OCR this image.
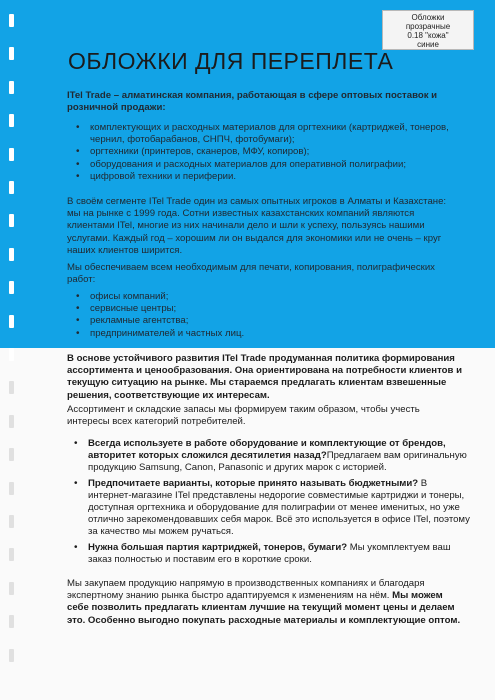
Обложки
прозрачные
0.18 "кожа"
синие
ОБЛОЖКИ ДЛЯ ПЕРЕПЛЕТА

ITel Trade – алматинская компания, работающая в сфере оптовых поставок и розничной продажи:

• комплектующих и расходных материалов для оргтехники (картриджей, тонеров, чернил, фотобарабанов, СНПЧ, фотобумаги);
• оргтехники (принтеров, сканеров, МФУ, копиров);
• оборудования и расходных материалов для оперативной полиграфии;
• цифровой техники и периферии.

В своём сегменте ITel Trade один из самых опытных игроков в Алматы и Казахстане: мы на рынке с 1999 года. Сотни известных казахстанских компаний являются клиентами ITel, многие из них начинали дело и шли к успеху, пользуясь нашими услугами. Каждый год – хорошим ли он выдался для экономики или не очень – круг наших клиентов ширится.

Мы обеспечиваем всем необходимым для печати, копирования, полиграфических работ:

• офисы компаний;
• сервисные центры;
• рекламные агентства;
• предпринимателей и частных лиц.

В основе устойчивого развития ITel Trade продуманная политика формирования ассортимента и ценообразования. Она ориентирована на потребности клиентов и текущую ситуацию на рынке. Мы стараемся предлагать клиентам взвешенные решения, соответствующие их интересам.

Ассортимент и складские запасы мы формируем таким образом, чтобы учесть интересы всех категорий потребителей.

• Всегда используете в работе оборудование и комплектующие от брендов, авторитет которых сложился десятилетия назад?Предлагаем вам оригинальную продукцию Samsung, Canon, Panasonic и других марок с историей.
• Предпочитаете варианты, которые принято называть бюджетными? В интернет-магазине ITel представлены недорогие совместимые картриджи и тонеры, доступная оргтехника и оборудование для полиграфии от менее именитых, но уже отлично зарекомендовавших себя марок. Всё это используется в офисе ITel, поэтому за качество мы можем ручаться.
• Нужна большая партия картриджей, тонеров, бумаги? Мы укомплектуем ваш заказ полностью и поставим его в короткие сроки.

Мы закупаем продукцию напрямую в производственных компаниях и благодаря экспертному знанию рынка быстро адаптируемся к изменениям на нём. Мы можем себе позволить предлагать клиентам лучшие на текущий момент цены и делаем это. Особенно выгодно покупать расходные материалы и комплектующие оптом.
